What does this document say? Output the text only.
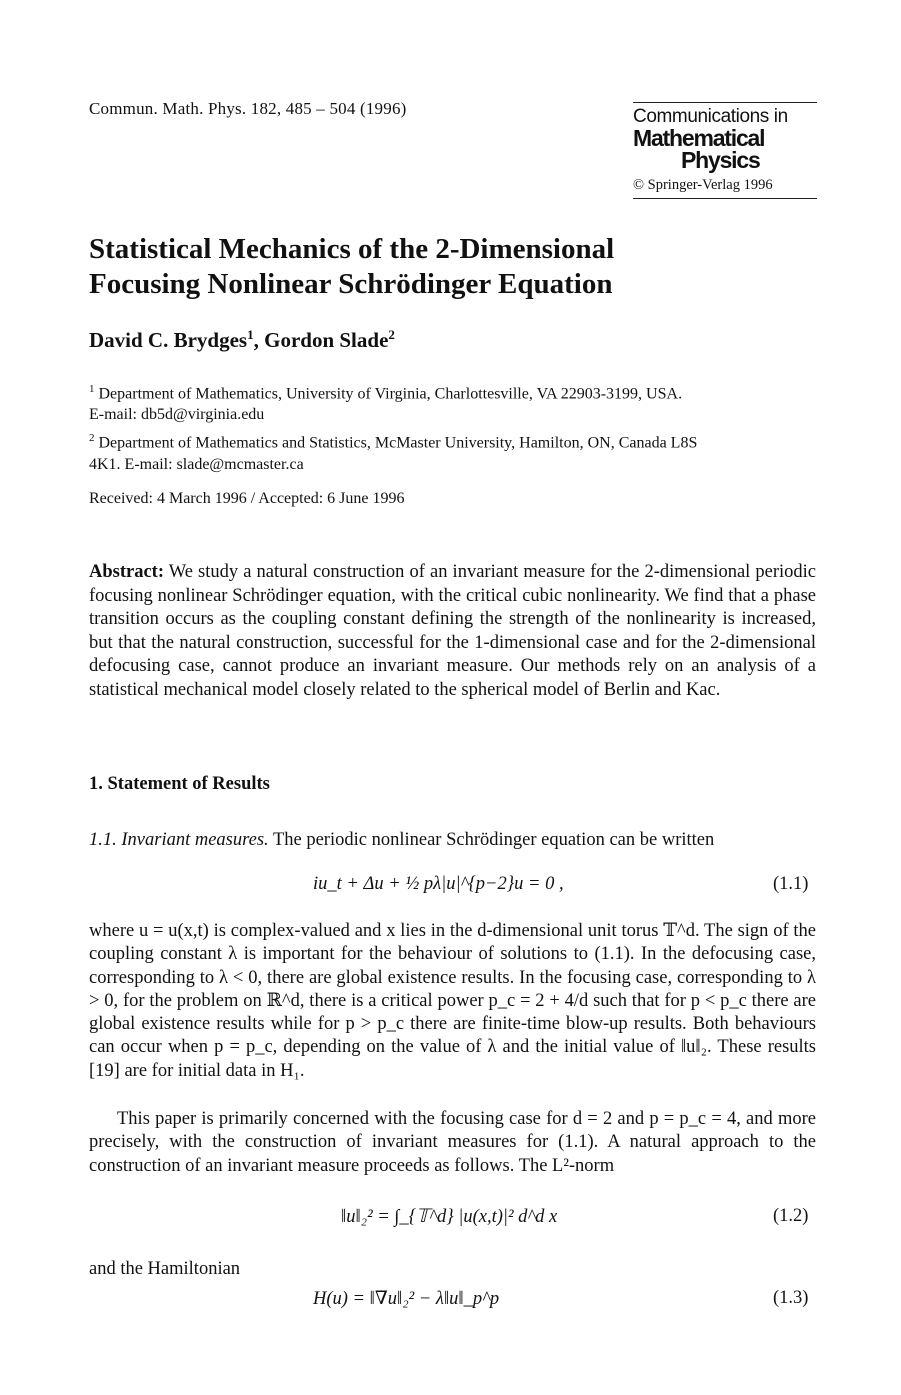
Commun. Math. Phys. 182, 485 – 504 (1996)	Communications in
Mathematical
Physics
© Springer-Verlag 1996
Statistical Mechanics of the 2-Dimensional
Focusing Nonlinear Schrödinger Equation
David C. Brydges$^1$, Gordon Slade$^2$
$^1$ Department of Mathematics, University of Virginia, Charlottesville, VA 22903-3199, USA.
E-mail: db5d@virginia.edu
$^2$ Department of Mathematics and Statistics, McMaster University, Hamilton, ON, Canada L8S
4K1. E-mail: slade@mcmaster.ca
Received: 4 March 1996 / Accepted: 6 June 1996
Abstract: We study a natural construction of an invariant measure for the 2-dimensional periodic focusing nonlinear Schrödinger equation, with the critical cubic nonlinearity. We find that a phase transition occurs as the coupling constant defining the strength of the nonlinearity is increased, but that the natural construction, successful for the 1-dimensional case and for the 2-dimensional defocusing case, cannot produce an invariant measure. Our methods rely on an analysis of a statistical mechanical model closely related to the spherical model of Berlin and Kac.
1. Statement of Results
1.1. Invariant measures. The periodic nonlinear Schrödinger equation can be written
iu_t + Δu + ½ pλ|u|^{p−2}u = 0 ,	(1.1)
where u = u(x,t) is complex-valued and x lies in the d-dimensional unit torus 𝕋^d. The sign of the coupling constant λ is important for the behaviour of solutions to (1.1). In the defocusing case, corresponding to λ < 0, there are global existence results. In the focusing case, corresponding to λ > 0, for the problem on ℝ^d, there is a critical power p_c = 2 + 4/d such that for p < p_c there are global existence results while for p > p_c there are finite-time blow-up results. Both behaviours can occur when p = p_c, depending on the value of λ and the initial value of ‖u‖₂. These results [19] are for initial data in H₁.
This paper is primarily concerned with the focusing case for d = 2 and p = p_c = 4, and more precisely, with the construction of invariant measures for (1.1). A natural approach to the construction of an invariant measure proceeds as follows. The L²-norm
‖u‖₂² = ∫_{𝕋^d} |u(x,t)|² d^d x	(1.2)
and the Hamiltonian
H(u) = ‖∇u‖₂² − λ‖u‖_p^p	(1.3)
